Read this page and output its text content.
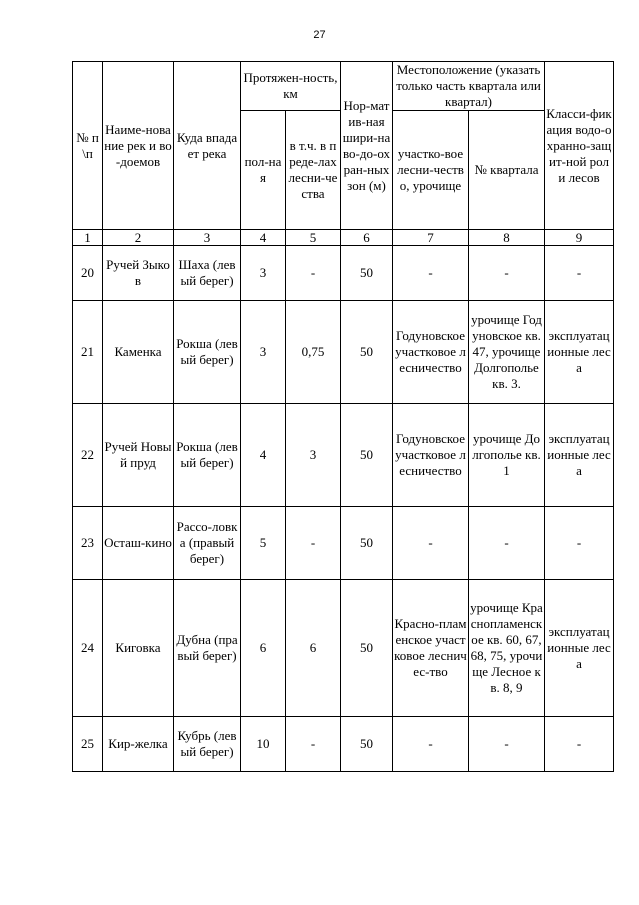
27
№ п\п	Наиме-нование рек и во-доемов	Куда впадает река	Протяжен-ность, км		Нор-матив-ная шири-на во-до-охран-ных зон (м)	Местоположение (указать только часть квартала или квартал)		Класси-фикация водо-охранно-защит-ной роли лесов
			пол-ная	в т.ч. в преде-лах лесни-чества		участко-вое лесни-чество, урочище	№ квартала	
1	2	3	4	5	6	7	8	9
20	Ручей Зыков	Шаха (левый берег)	3	-	50	-	-	-
21	Каменка	Рокша (левый берег)	3	0,75	50	Годуновское участковое лесничество	урочище Годуновское кв. 47, урочище Долгополье кв. 3.	эксплуатационные леса
22	Ручей Новый пруд	Рокша (левый берег)	4	3	50	Годуновское участковое лесничество	урочище Долгополье кв. 1	эксплуатационные леса
23	Осташ-кино	Рассо-ловка (правый берег)	5	-	50	-	-	-
24	Киговка	Дубна (правый берег)	6	6	50	Красно-пламенское участковое лесничес-тво	урочище Краснопламенское кв. 60, 67, 68, 75, урочище Лесное кв. 8, 9	эксплуатационные леса
25	Кир-желка	Кубрь (левый берег)	10	-	50	-	-	-
